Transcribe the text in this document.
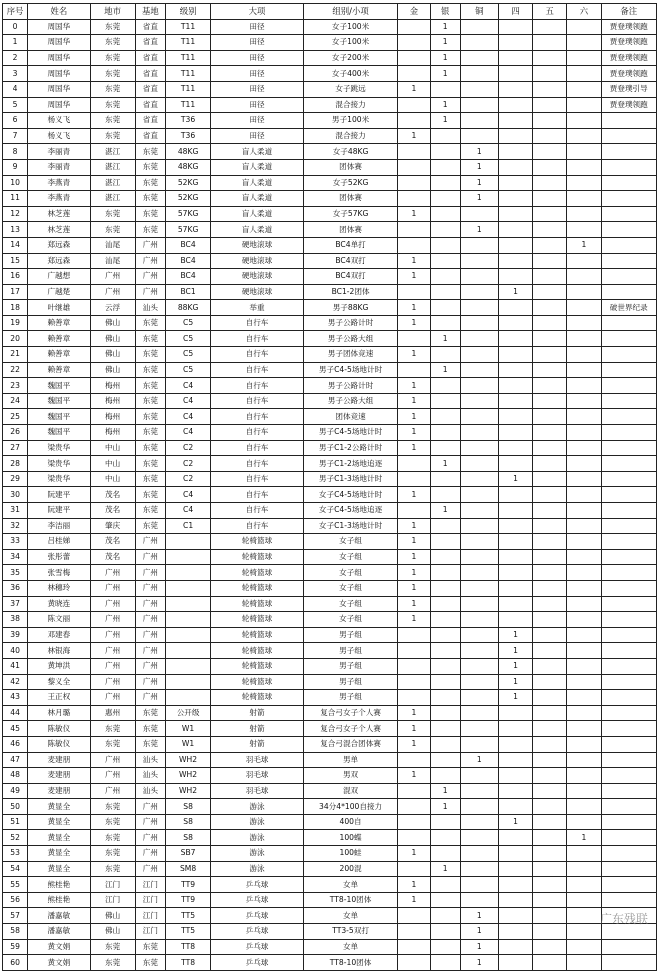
序号	姓名	地市	基地	级别	大项	组别/小项	金	银	铜	四	五	六	备注
0	周国华	东莞	省直	T11	田径	女子100米		1					贾登璞领跑
1	周国华	东莞	省直	T11	田径	女子100米		1					贾登璞领跑
2	周国华	东莞	省直	T11	田径	女子200米		1					贾登璞领跑
3	周国华	东莞	省直	T11	田径	女子400米		1					贾登璞领跑
4	周国华	东莞	省直	T11	田径	女子跳远	1						贾登璞引导
5	周国华	东莞	省直	T11	田径	混合接力		1					贾登璞领跑
6	杨义飞	东莞	省直	T36	田径	男子100米		1					
7	杨义飞	东莞	省直	T36	田径	混合接力	1						
8	李丽青	湛江	东莞	48KG	盲人柔道	女子48KG			1				
9	李丽青	湛江	东莞	48KG	盲人柔道	团体赛			1				
10	李燕青	湛江	东莞	52KG	盲人柔道	女子52KG			1				
11	李燕青	湛江	东莞	52KG	盲人柔道	团体赛			1				
12	林芝莲	东莞	东莞	57KG	盲人柔道	女子57KG	1						
13	林芝莲	东莞	东莞	57KG	盲人柔道	团体赛			1				
14	郑远森	汕尾	广州	BC4	硬地滚球	BC4单打						1	
15	郑远森	汕尾	广州	BC4	硬地滚球	BC4双打	1						
16	广越想	广州	广州	BC4	硬地滚球	BC4双打	1						
17	广越楚	广州	广州	BC1	硬地滚球	BC1-2团体				1			
18	叶继雄	云浮	汕头	88KG	举重	男子88KG	1						破世界纪录
19	赖善章	佛山	东莞	C5	自行车	男子公路计时	1						
20	赖善章	佛山	东莞	C5	自行车	男子公路大组		1					
21	赖善章	佛山	东莞	C5	自行车	男子团体竞速	1						
22	赖善章	佛山	东莞	C5	自行车	男子C4-5场地计时		1					
23	魏国平	梅州	东莞	C4	自行车	男子公路计时	1						
24	魏国平	梅州	东莞	C4	自行车	男子公路大组	1						
25	魏国平	梅州	东莞	C4	自行车	团体竞速	1						
26	魏国平	梅州	东莞	C4	自行车	男子C4-5场地计时	1						
27	梁贵华	中山	东莞	C2	自行车	男子C1-2公路计时	1						
28	梁贵华	中山	东莞	C2	自行车	男子C1-2场地追逐		1					
29	梁贵华	中山	东莞	C2	自行车	男子C1-3场地计时				1			
30	阮建平	茂名	东莞	C4	自行车	女子C4-5场地计时	1						
31	阮建平	茂名	东莞	C4	自行车	女子C4-5场地追逐		1					
32	李洁丽	肇庆	东莞	C1	自行车	女子C1-3场地计时	1						
33	吕桂娣	茂名	广州		轮椅篮球	女子组	1						
34	张彤蕾	茂名	广州		轮椅篮球	女子组	1						
35	张雪梅	广州	广州		轮椅篮球	女子组	1						
36	林穗玲	广州	广州		轮椅篮球	女子组	1						
37	黄晓连	广州	广州		轮椅篮球	女子组	1						
38	陈文丽	广州	广州		轮椅篮球	女子组	1						
39	邓建春	广州	广州		轮椅篮球	男子组				1			
40	林银海	广州	广州		轮椅篮球	男子组				1			
41	黄坤洪	广州	广州		轮椅篮球	男子组				1			
42	黎义全	广州	广州		轮椅篮球	男子组				1			
43	王正权	广州	广州		轮椅篮球	男子组				1			
44	林月璐	惠州	东莞	公开级	射箭	复合弓女子个人赛	1						
45	陈敏仪	东莞	东莞	W1	射箭	复合弓女子个人赛	1						
46	陈敏仪	东莞	东莞	W1	射箭	复合弓混合团体赛	1						
47	麦建朋	广州	汕头	WH2	羽毛球	男单			1				
48	麦建朋	广州	汕头	WH2	羽毛球	男双	1						
49	麦建朋	广州	汕头	WH2	羽毛球	混双		1					
50	黄显全	东莞	广州	S8	游泳	34分4*100自接力		1					
51	黄显全	东莞	广州	S8	游泳	400自				1			
52	黄显全	东莞	广州	S8	游泳	100蝶						1	
53	黄显全	东莞	广州	SB7	游泳	100蛙	1						
54	黄显全	东莞	广州	SM8	游泳	200混		1					
55	熊桂艳	江门	江门	TT9	乒乓球	女单	1						
56	熊桂艳	江门	江门	TT9	乒乓球	TT8-10团体	1						
57	潘嘉敏	佛山	江门	TT5	乒乓球	女单			1				
58	潘嘉敏	佛山	江门	TT5	乒乓球	TT3-5双打			1				
59	黄文娟	东莞	东莞	TT8	乒乓球	女单			1				
60	黄文娟	东莞	东莞	TT8	乒乓球	TT8-10团体			1				
广东残联
